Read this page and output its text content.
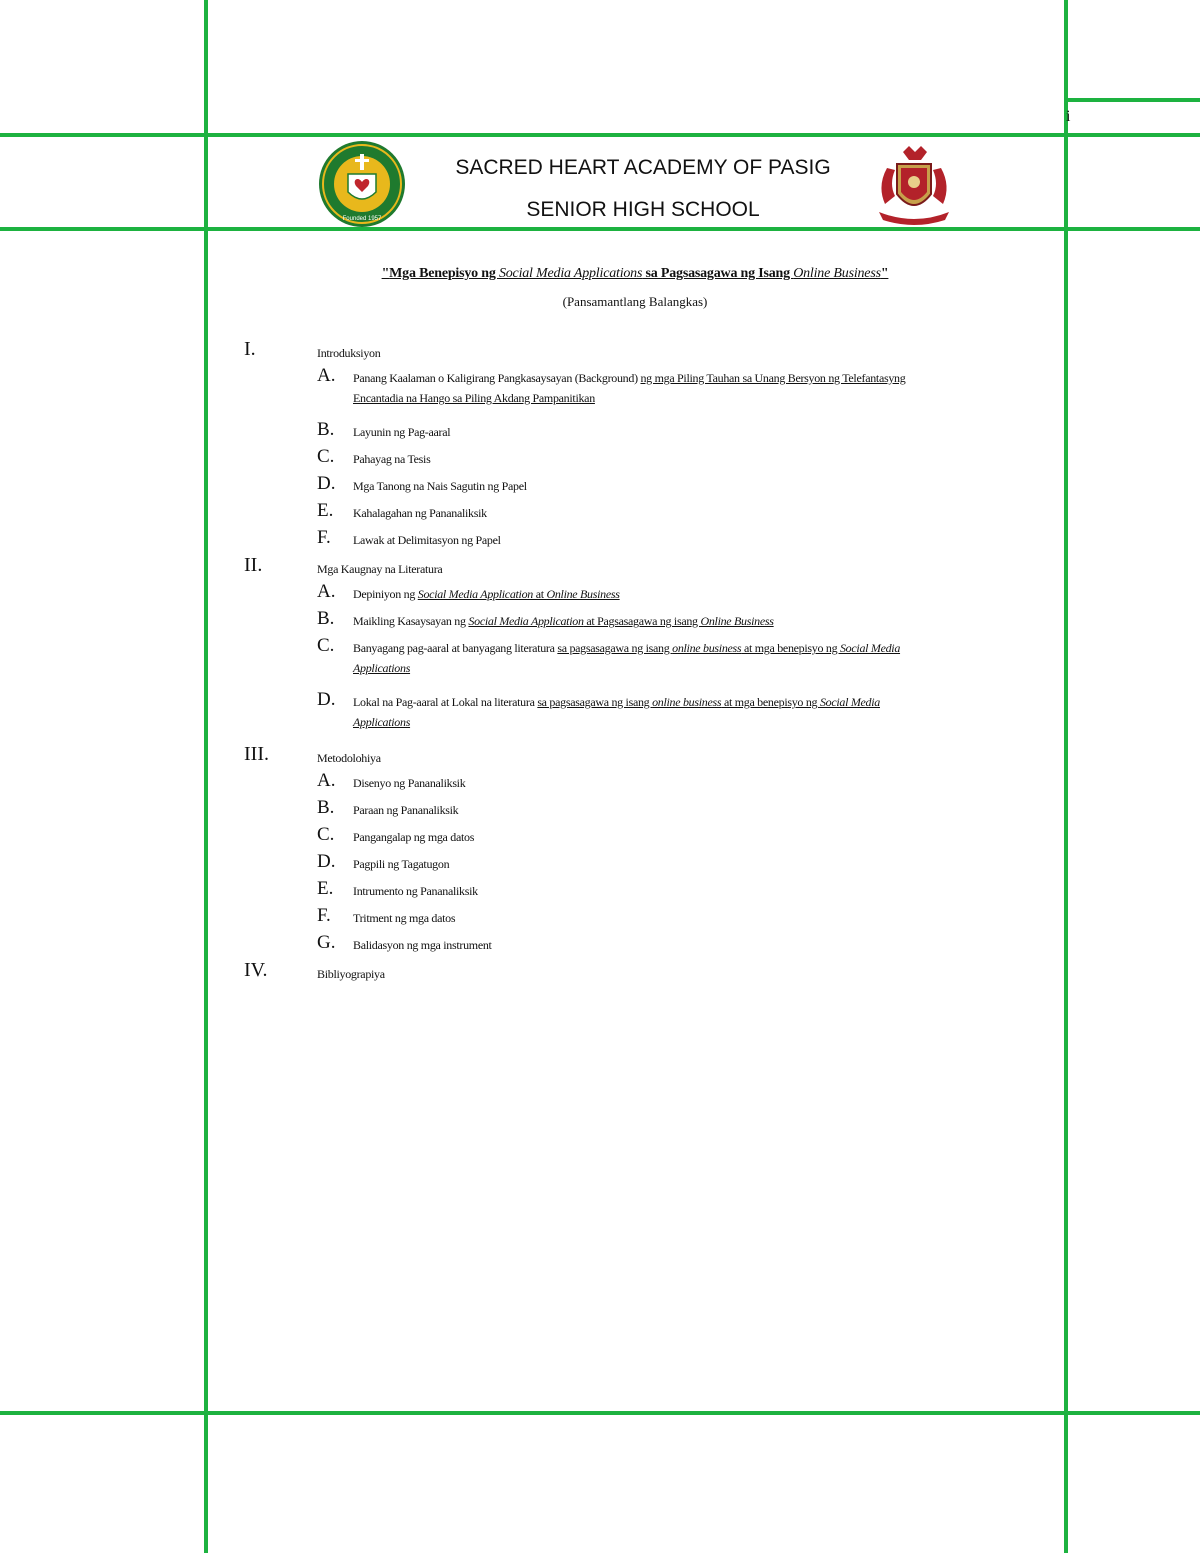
i
Founded 1957
SACRED HEART ACADEMY OF PASIG
SENIOR HIGH SCHOOL
"Mga Benepisyo ng Social Media Applications sa Pagsasagawa ng Isang Online Business"
(Pansamantlang Balangkas)
I.	Introduksiyon
A. Panang Kaalaman o Kaligirang Pangkasaysayan (Background) ng mga Piling Tauhan sa Unang Bersyon ng Telefantasyng
Encantadia na Hango sa Piling Akdang Pampanitikan
B. Layunin ng Pag-aaral
C. Pahayag na Tesis
D. Mga Tanong na Nais Sagutin ng Papel
E. Kahalagahan ng Pananaliksik
F. Lawak at Delimitasyon ng Papel
II.	Mga Kaugnay na Literatura
A. Depiniyon ng Social Media Application at Online Business
B. Maikling Kasaysayan ng Social Media Application at Pagsasagawa ng isang Online Business
C. Banyagang pag-aaral at banyagang literatura sa pagsasagawa ng isang online business at mga benepisyo ng Social Media
Applications
D. Lokal na Pag-aaral at Lokal na literatura sa pagsasagawa ng isang online business at mga benepisyo ng Social Media
Applications
III.	Metodolohiya
A. Disenyo ng Pananaliksik
B. Paraan ng Pananaliksik
C. Pangangalap ng mga datos
D. Pagpili ng Tagatugon
E. Intrumento ng Pananaliksik
F. Tritment ng mga datos
G. Balidasyon ng mga instrument
IV.	Bibliyograpiya
